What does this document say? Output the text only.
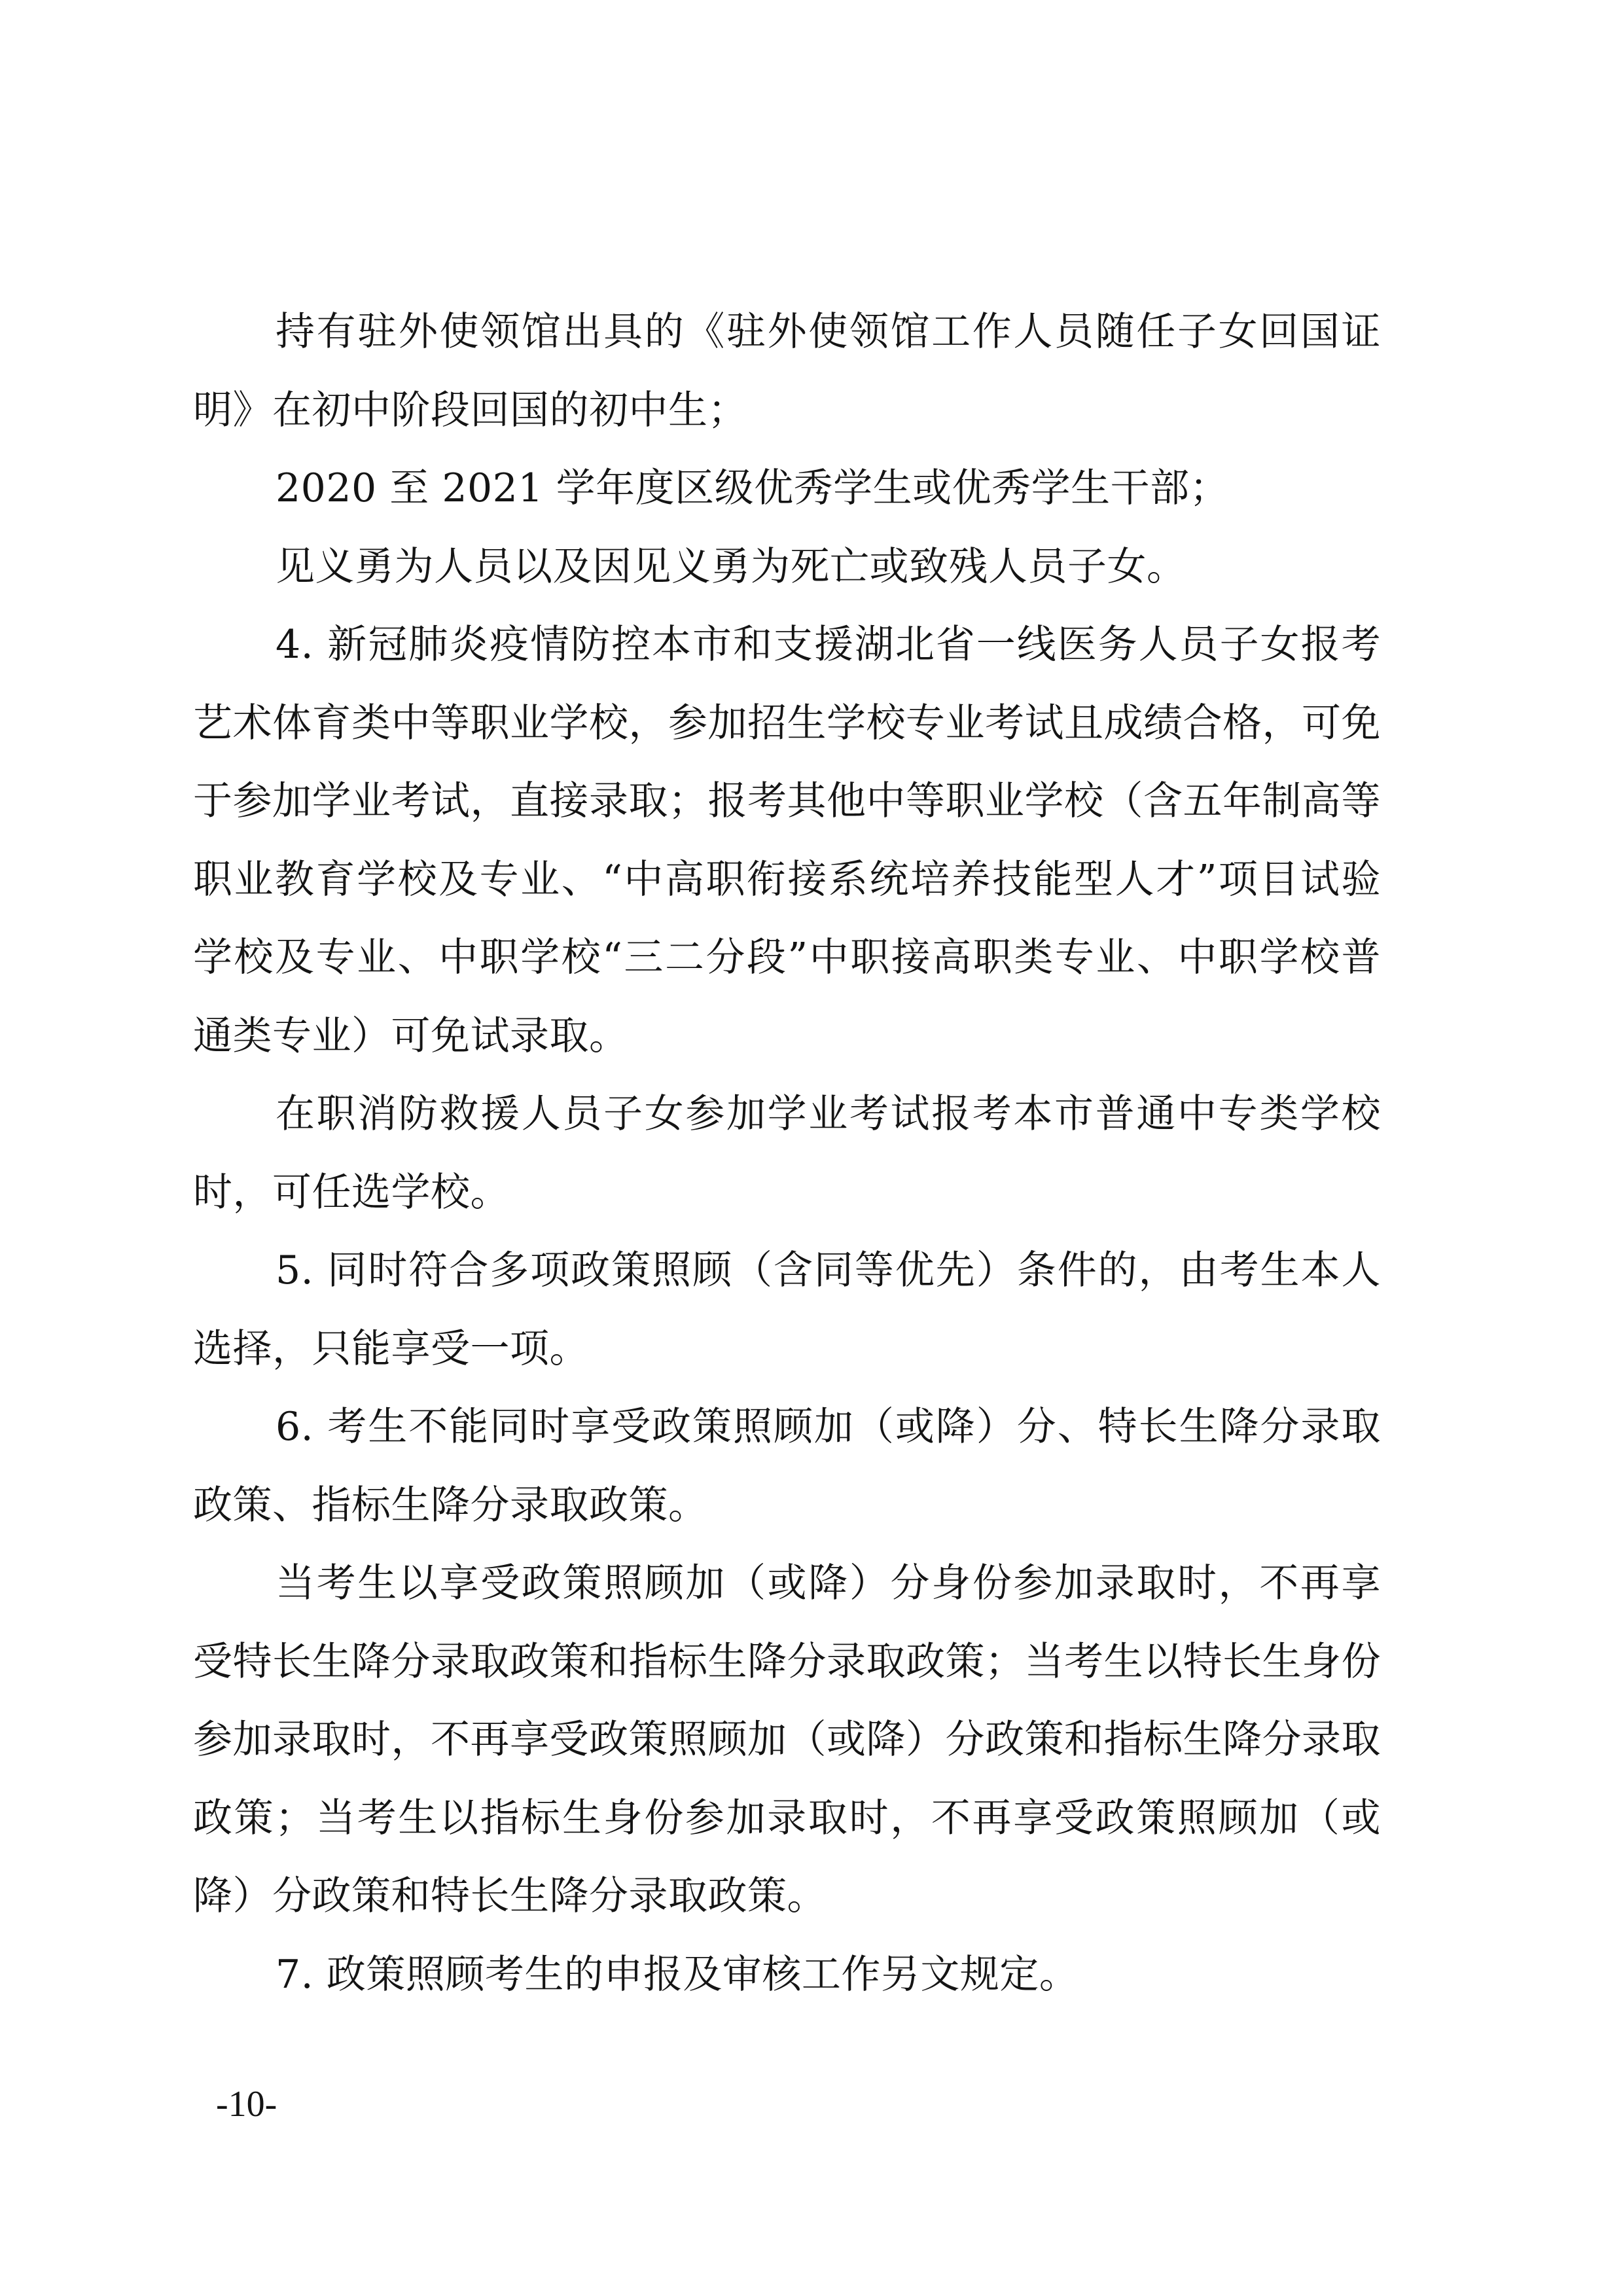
持有驻外使领馆出具的《驻外使领馆工作人员随任子女回国证明》在初中阶段回国的初中生；

2020 至 2021 学年度区级优秀学生或优秀学生干部；

见义勇为人员以及因见义勇为死亡或致残人员子女。

4. 新冠肺炎疫情防控本市和支援湖北省一线医务人员子女报考艺术体育类中等职业学校，参加招生学校专业考试且成绩合格，可免于参加学业考试，直接录取；报考其他中等职业学校（含五年制高等职业教育学校及专业、“中高职衔接系统培养技能型人才”项目试验学校及专业、中职学校“三二分段”中职接高职类专业、中职学校普通类专业）可免试录取。

在职消防救援人员子女参加学业考试报考本市普通中专类学校时，可任选学校。

5. 同时符合多项政策照顾（含同等优先）条件的，由考生本人选择，只能享受一项。

6. 考生不能同时享受政策照顾加（或降）分、特长生降分录取政策、指标生降分录取政策。

当考生以享受政策照顾加（或降）分身份参加录取时，不再享受特长生降分录取政策和指标生降分录取政策；当考生以特长生身份参加录取时，不再享受政策照顾加（或降）分政策和指标生降分录取政策；当考生以指标生身份参加录取时，不再享受政策照顾加（或降）分政策和特长生降分录取政策。

7. 政策照顾考生的申报及审核工作另文规定。

-10-
